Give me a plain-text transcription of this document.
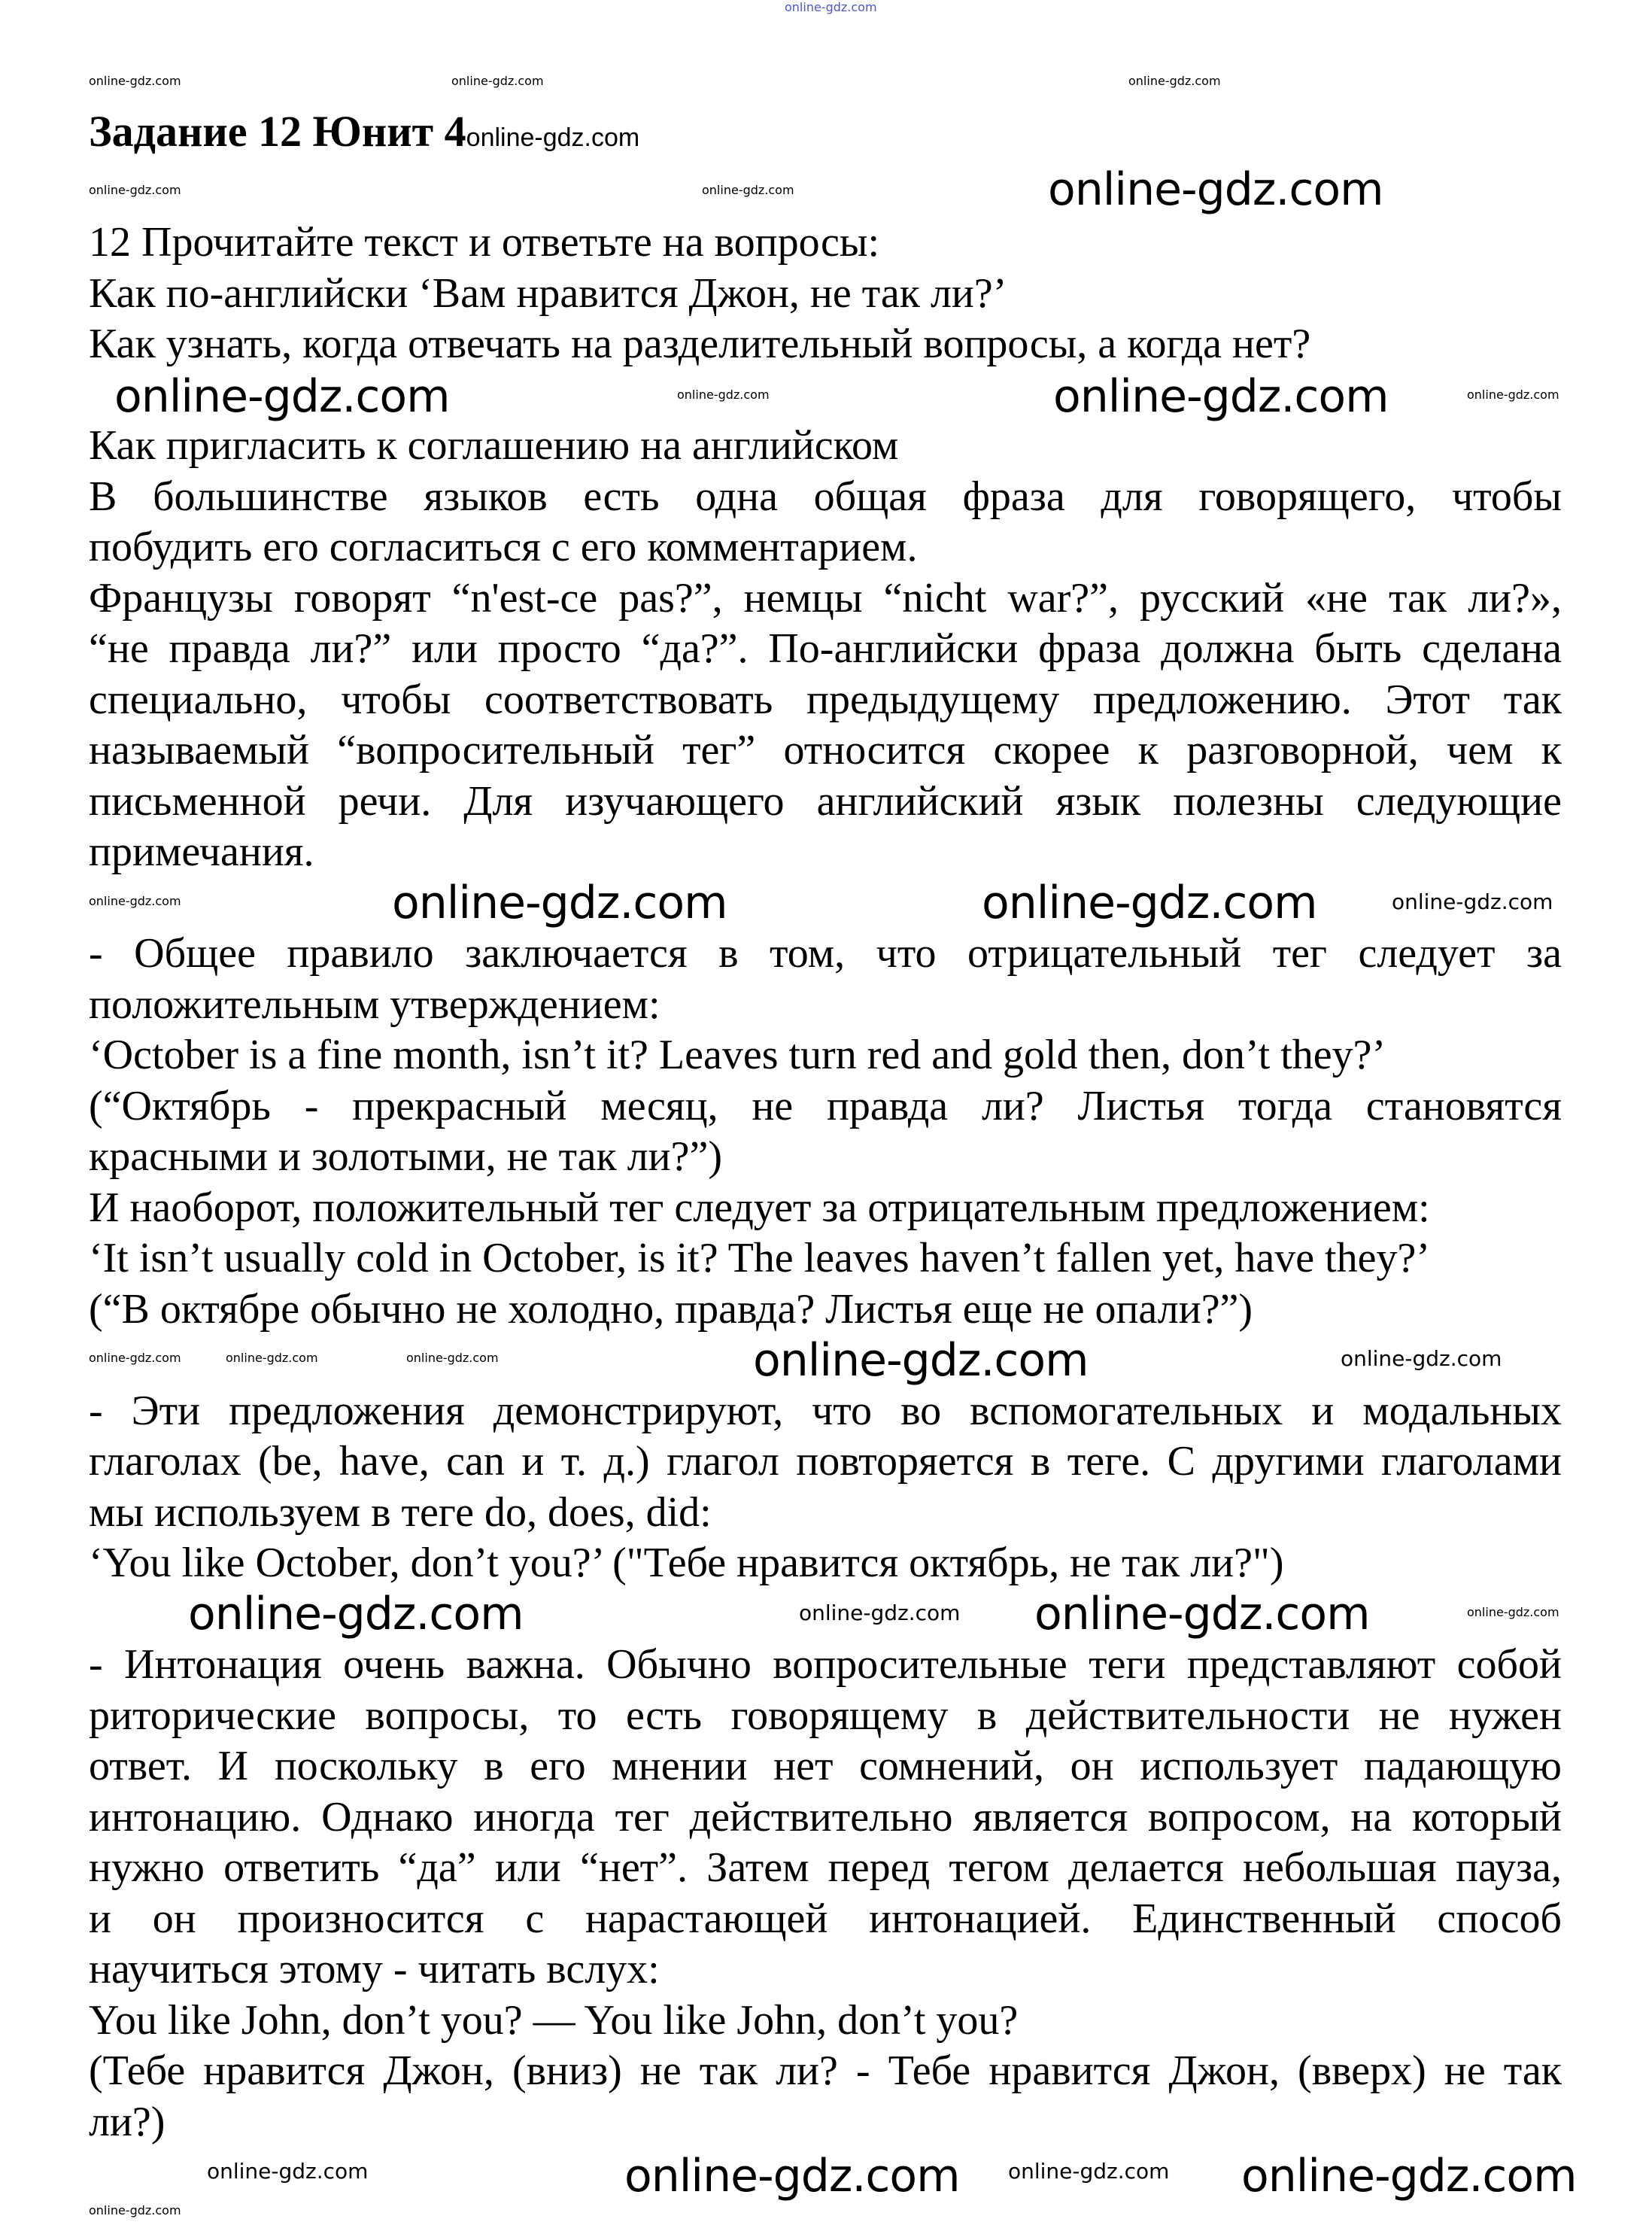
Задание 12 Юнит 4online-gdz.com
12 Прочитайте текст и ответьте на вопросы:
Как по-английски ‘Вам нравится Джон, не так ли?’
Как узнать, когда отвечать на разделительный вопросы, а когда нет?
Как пригласить к соглашению на английском
В большинстве языков есть одна общая фраза для говорящего, чтобы
побудить его согласиться с его комментарием.
Французы говорят “n'est-ce pas?”, немцы “nicht war?”, русский «не так ли?»,
“не правда ли?” или просто “да?”. По-английски фраза должна быть сделана
специально, чтобы соответствовать предыдущему предложению. Этот так
называемый “вопросительный тег” относится скорее к разговорной, чем к
письменной речи. Для изучающего английский язык полезны следующие
примечания.
- Общее правило заключается в том, что отрицательный тег следует за
положительным утверждением:
‘October is a fine month, isn’t it? Leaves turn red and gold then, don’t they?’
(“Октябрь - прекрасный месяц, не правда ли? Листья тогда становятся
красными и золотыми, не так ли?”)
И наоборот, положительный тег следует за отрицательным предложением:
‘It isn’t usually cold in October, is it? The leaves haven’t fallen yet, have they?’
(“В октябре обычно не холодно, правда? Листья еще не опали?”)
- Эти предложения демонстрируют, что во вспомогательных и модальных
глаголах (be, have, can и т. д.) глагол повторяется в теге. С другими глаголами
мы используем в теге do, does, did:
‘You like October, don’t you?’ ("Тебе нравится октябрь, не так ли?")
- Интонация очень важна. Обычно вопросительные теги представляют собой
риторические вопросы, то есть говорящему в действительности не нужен
ответ. И поскольку в его мнении нет сомнений, он использует падающую
интонацию. Однако иногда тег действительно является вопросом, на который
нужно ответить “да” или “нет”. Затем перед тегом делается небольшая пауза,
и он произносится с нарастающей интонацией. Единственный способ
научиться этому - читать вслух:
You like John, don’t you? — You like John, don’t you?
(Тебе нравится Джон, (вниз) не так ли? - Тебе нравится Джон, (вверх) не так
ли?)
online-gdz.com
online-gdz.com	online-gdz.com	online-gdz.com
online-gdz.com
online-gdz.com
online-gdz.com
online-gdz.com	online-gdz.com	online-gdz.com	online-gdz.com
online-gdz.com	online-gdz.com
online-gdz.com	online-gdz.com
online-gdz.com	online-gdz.com	online-gdz.com	online-gdz.com	online-gdz.com
online-gdz.com	online-gdz.com online-gdz.com	online-gdz.com
online-gdz.com	online-gdz.com online-gdz.com online-gdz.com
online-gdz.com
